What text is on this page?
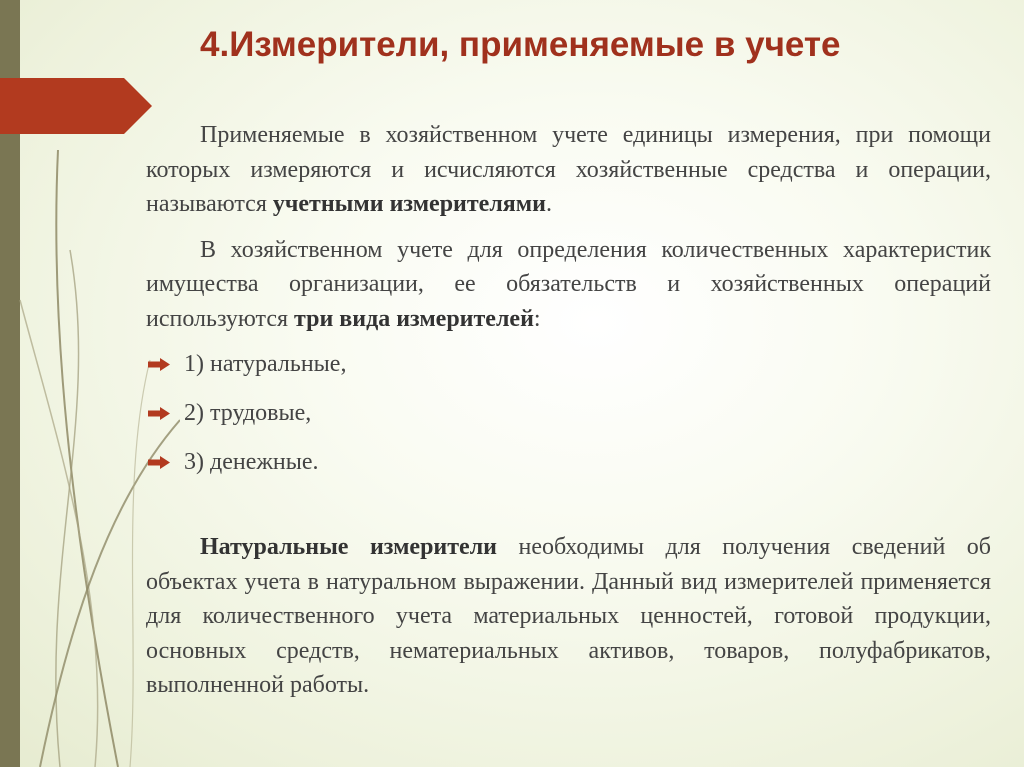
4.Измерители, применяемые в учете

Применяемые в хозяйственном учете единицы измерения, при помощи которых измеряются и исчисляются хозяйственные средства и операции, называются учетными измерителями.

В хозяйственном учете для определения количественных характеристик имущества организации, ее обязательств и хозяйственных операций используются три вида измерителей:

1) натуральные,
2) трудовые,
3) денежные.

Натуральные измерители необходимы для получения сведений об объектах учета в натуральном выражении. Данный вид измерителей применяется для количественного учета материальных ценностей, готовой продукции, основных средств, нематериальных активов, товаров, полуфабрикатов, выполненной работы.
